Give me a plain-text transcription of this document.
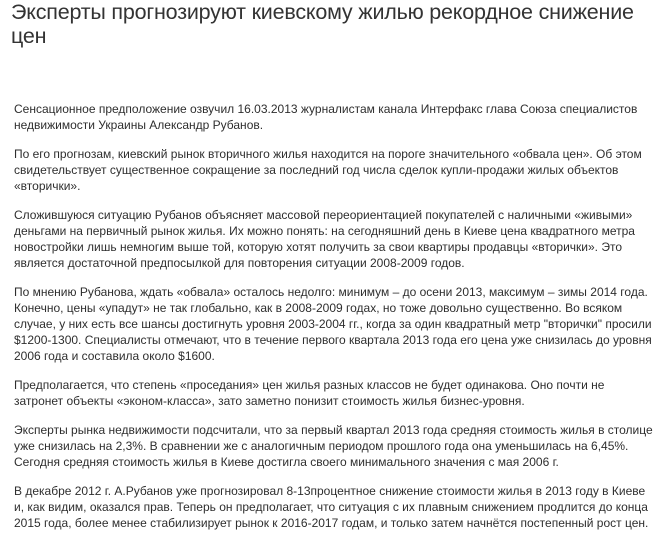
Эксперты прогнозируют киевскому жилью рекордное снижение цен

Сенсационное предположение озвучил 16.03.2013 журналистам канала Интерфакс глава Союза специалистов недвижимости Украины Александр Рубанов.

По его прогнозам, киевский рынок вторичного жилья находится на пороге значительного «обвала цен». Об этом свидетельствует существенное сокращение за последний год числа сделок купли-продажи жилых объектов «вторички».

Сложившуюся ситуацию Рубанов объясняет массовой переориентацией покупателей с наличными «живыми» деньгами на первичный рынок жилья. Их можно понять: на сегодняшний день в Киеве цена квадратного метра новостройки лишь немногим выше той, которую хотят получить за свои квартиры продавцы «вторички». Это является достаточной предпосылкой для повторения ситуации 2008-2009 годов.

По мнению Рубанова, ждать «обвала» осталось недолго: минимум – до осени 2013, максимум – зимы 2014 года. Конечно, цены «упадут» не так глобально, как в 2008-2009 годах, но тоже довольно существенно. Во всяком случае, у них есть все шансы достигнуть уровня 2003-2004 гг., когда за один квадратный метр "вторички" просили $1200-1300. Специалисты отмечают, что в течение первого квартала 2013 года его цена уже снизилась до уровня 2006 года и составила около $1600.

Предполагается, что степень «проседания» цен жилья разных классов не будет одинакова. Оно почти не затронет объекты «эконом-класса», зато заметно понизит стоимость жилья бизнес-уровня.

Эксперты рынка недвижимости подсчитали, что за первый квартал 2013 года средняя стоимость жилья в столице уже снизилась на 2,3%. В сравнении же с аналогичным периодом прошлого года она уменьшилась на 6,45%. Сегодня средняя стоимость жилья в Киеве достигла своего минимального значения с мая 2006 г.

В декабре 2012 г. А.Рубанов уже прогнозировал 8-13процентное снижение стоимости жилья в 2013 году в Киеве и, как видим, оказался прав. Теперь он предполагает, что ситуация с их плавным снижением продлится до конца 2015 года, более менее стабилизирует рынок к 2016-2017 годам, и только затем начнётся постепенный рост цен.
